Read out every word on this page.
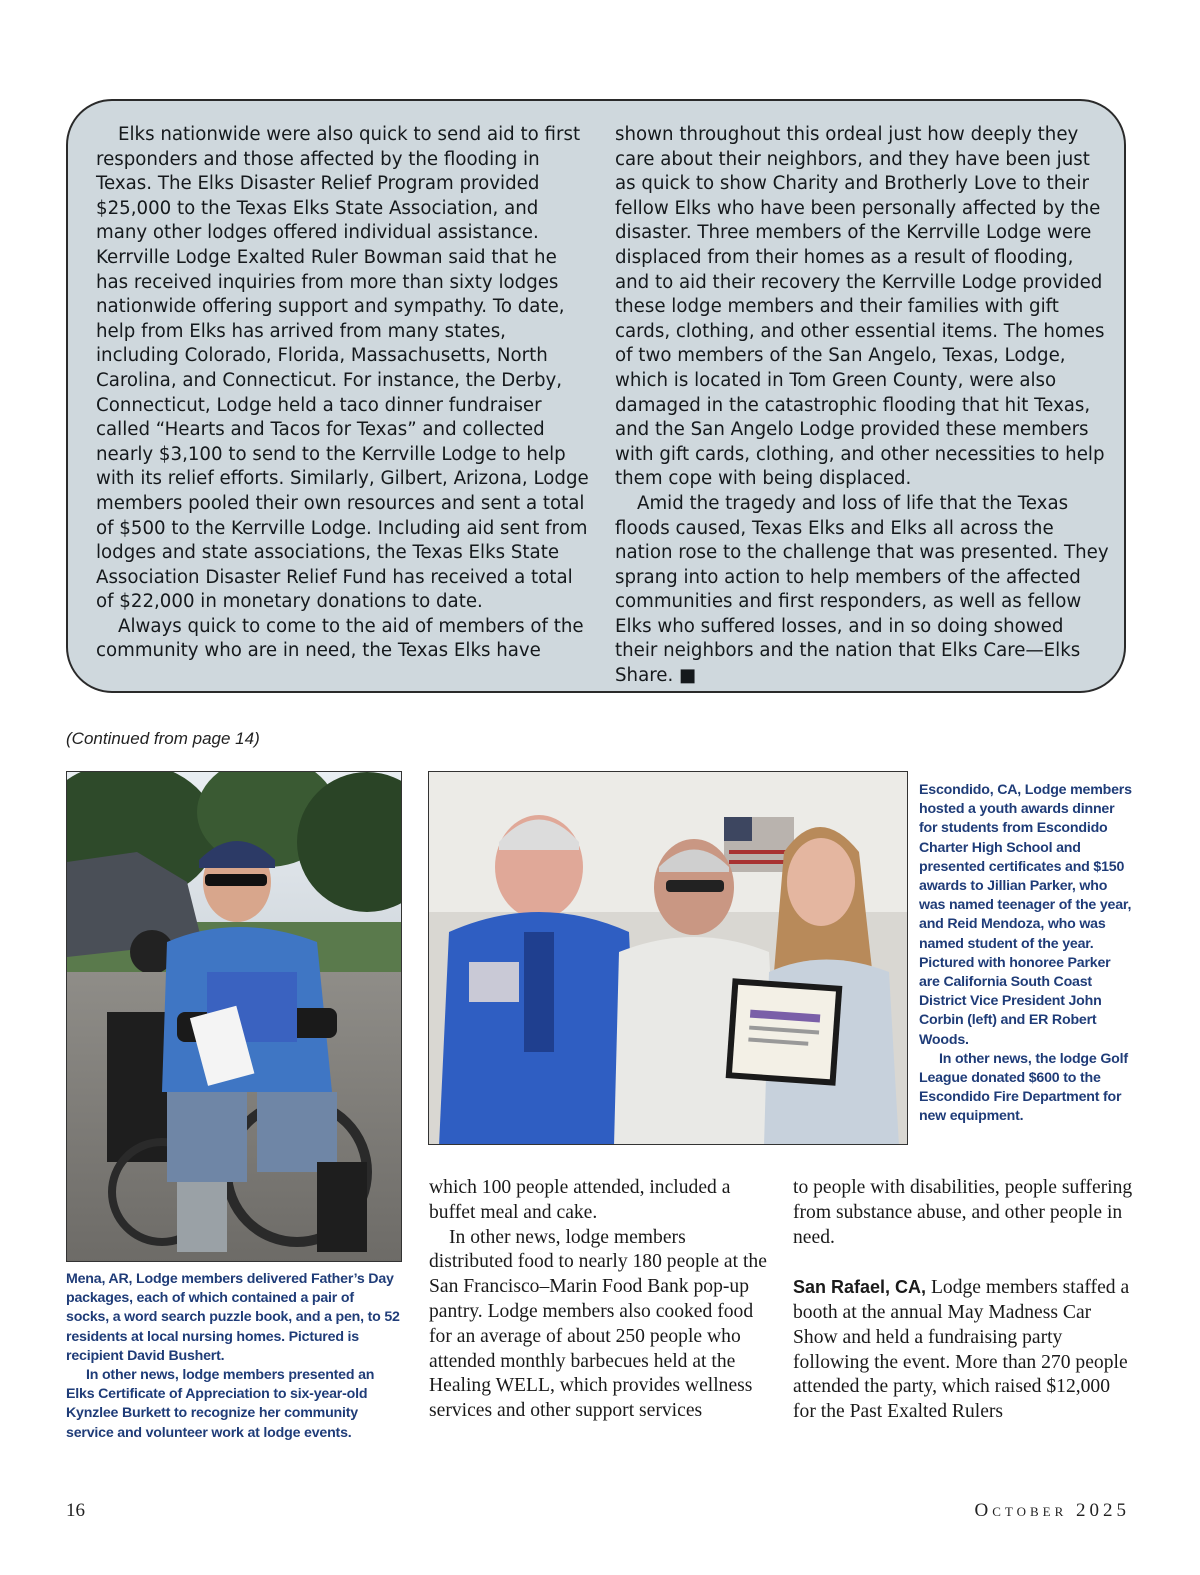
Elks nationwide were also quick to send aid to first responders and those affected by the flooding in Texas. The Elks Disaster Relief Program provided $25,000 to the Texas Elks State Association, and many other lodges offered individual assistance. Kerrville Lodge Exalted Ruler Bowman said that he has received inquiries from more than sixty lodges nationwide offering support and sympathy. To date, help from Elks has arrived from many states, including Colorado, Florida, Massachusetts, North Carolina, and Connecticut. For instance, the Derby, Connecticut, Lodge held a taco dinner fundraiser called “Hearts and Tacos for Texas” and collected nearly $3,100 to send to the Kerrville Lodge to help with its relief efforts. Similarly, Gilbert, Arizona, Lodge members pooled their own resources and sent a total of $500 to the Kerrville Lodge. Including aid sent from lodges and state associations, the Texas Elks State Association Disaster Relief Fund has received a total of $22,000 in monetary donations to date.

Always quick to come to the aid of members of the community who are in need, the Texas Elks have

shown throughout this ordeal just how deeply they care about their neighbors, and they have been just as quick to show Charity and Brotherly Love to their fellow Elks who have been personally affected by the disaster. Three members of the Kerrville Lodge were displaced from their homes as a result of flooding, and to aid their recovery the Kerrville Lodge provided these lodge members and their families with gift cards, clothing, and other essential items. The homes of two members of the San Angelo, Texas, Lodge, which is located in Tom Green County, were also damaged in the catastrophic flooding that hit Texas, and the San Angelo Lodge provided these members with gift cards, clothing, and other necessities to help them cope with being displaced.

Amid the tragedy and loss of life that the Texas floods caused, Texas Elks and Elks all across the nation rose to the challenge that was presented. They sprang into action to help members of the affected communities and first responders, as well as fellow Elks who suffered losses, and in so doing showed their neighbors and the nation that Elks Care—Elks Share. ■

(Continued from page 14)

Mena, AR, Lodge members delivered Father’s Day packages, each of which contained a pair of socks, a word search puzzle book, and a pen, to 52 residents at local nursing homes. Pictured is recipient David Bushert.

In other news, lodge members presented an Elks Certificate of Appreciation to six-year-old Kynzlee Burkett to recognize her community service and volunteer work at lodge events.

Escondido, CA, Lodge members hosted a youth awards dinner for students from Escondido Charter High School and presented certificates and $150 awards to Jillian Parker, who was named teenager of the year, and Reid Mendoza, who was named student of the year. Pictured with honoree Parker are California South Coast District Vice President John Corbin (left) and ER Robert Woods.

In other news, the lodge Golf League donated $600 to the Escondido Fire Department for new equipment.

which 100 people attended, included a buffet meal and cake.

In other news, lodge members distributed food to nearly 180 people at the San Francisco–Marin Food Bank pop-up pantry. Lodge members also cooked food for an average of about 250 people who attended monthly barbecues held at the Healing WELL, which provides wellness services and other support services

to people with disabilities, people suffering from substance abuse, and other people in need.

San Rafael, CA, Lodge members staffed a booth at the annual May Madness Car Show and held a fundraising party following the event. More than 270 people attended the party, which raised $12,000 for the Past Exalted Rulers

16	October 2025
